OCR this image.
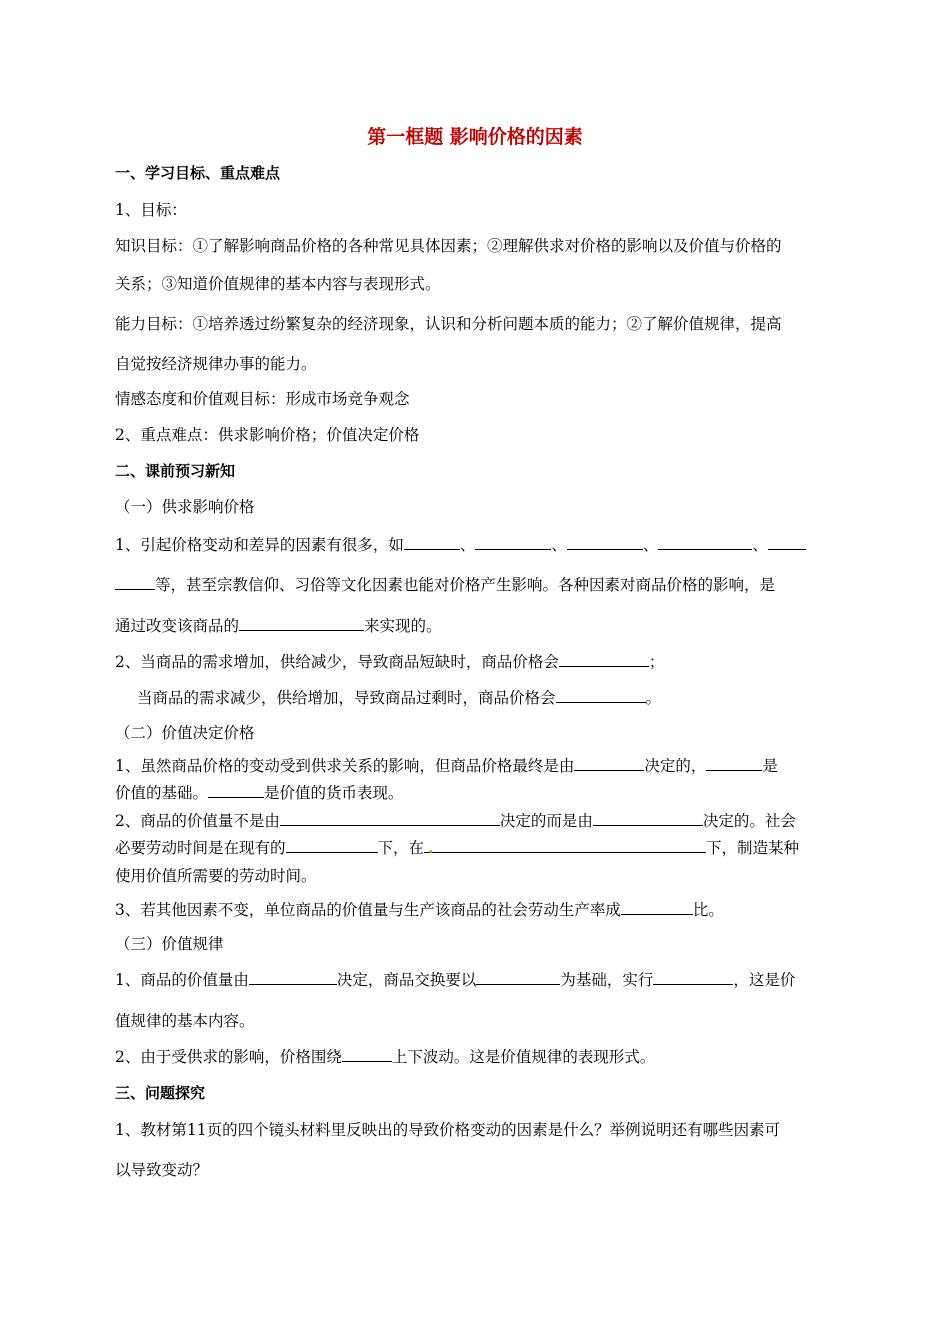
第一框题 影响价格的因素
一、学习目标、重点难点
1、目标：
知识目标：①了解影响商品价格的各种常见具体因素；②理解供求对价格的影响以及价值与价格的
关系；③知道价值规律的基本内容与表现形式。
能力目标：①培养透过纷繁复杂的经济现象，认识和分析问题本质的能力；②了解价值规律，提高
自觉按经济规律办事的能力。
情感态度和价值观目标：形成市场竞争观念
2、重点难点：供求影响价格；价值决定价格
二、课前预习新知
（一）供求影响价格
1、引起价格变动和差异的因素有很多，如	、	、	、	、
等，甚至宗教信仰、习俗等文化因素也能对价格产生影响。各种因素对商品价格的影响，是
通过改变该商品的	来实现的。
2、当商品的需求增加，供给减少，导致商品短缺时，商品价格会	；
当商品的需求减少，供给增加，导致商品过剩时，商品价格会	。
（二）价值决定价格
1、虽然商品价格的变动受到供求关系的影响，但商品价格最终是由	决定的，	是
价值的基础。	是价值的货币表现。
2、商品的价值量不是由	决定的而是由	决定的。社会
必要劳动时间是在现有的	下，在 .	下，制造某种
使用价值所需要的劳动时间。
3、若其他因素不变，单位商品的价值量与生产该商品的社会劳动生产率成	比。
（三）价值规律
1、商品的价值量由	决定，商品交换要以	为基础，实行	，这是价
值规律的基本内容。
2、由于受供求的影响，价格围绕	上下波动。这是价值规律的表现形式。
三、问题探究
1、教材第11页的四个镜头材料里反映出的导致价格变动的因素是什么？举例说明还有哪些因素可
以导致变动？
